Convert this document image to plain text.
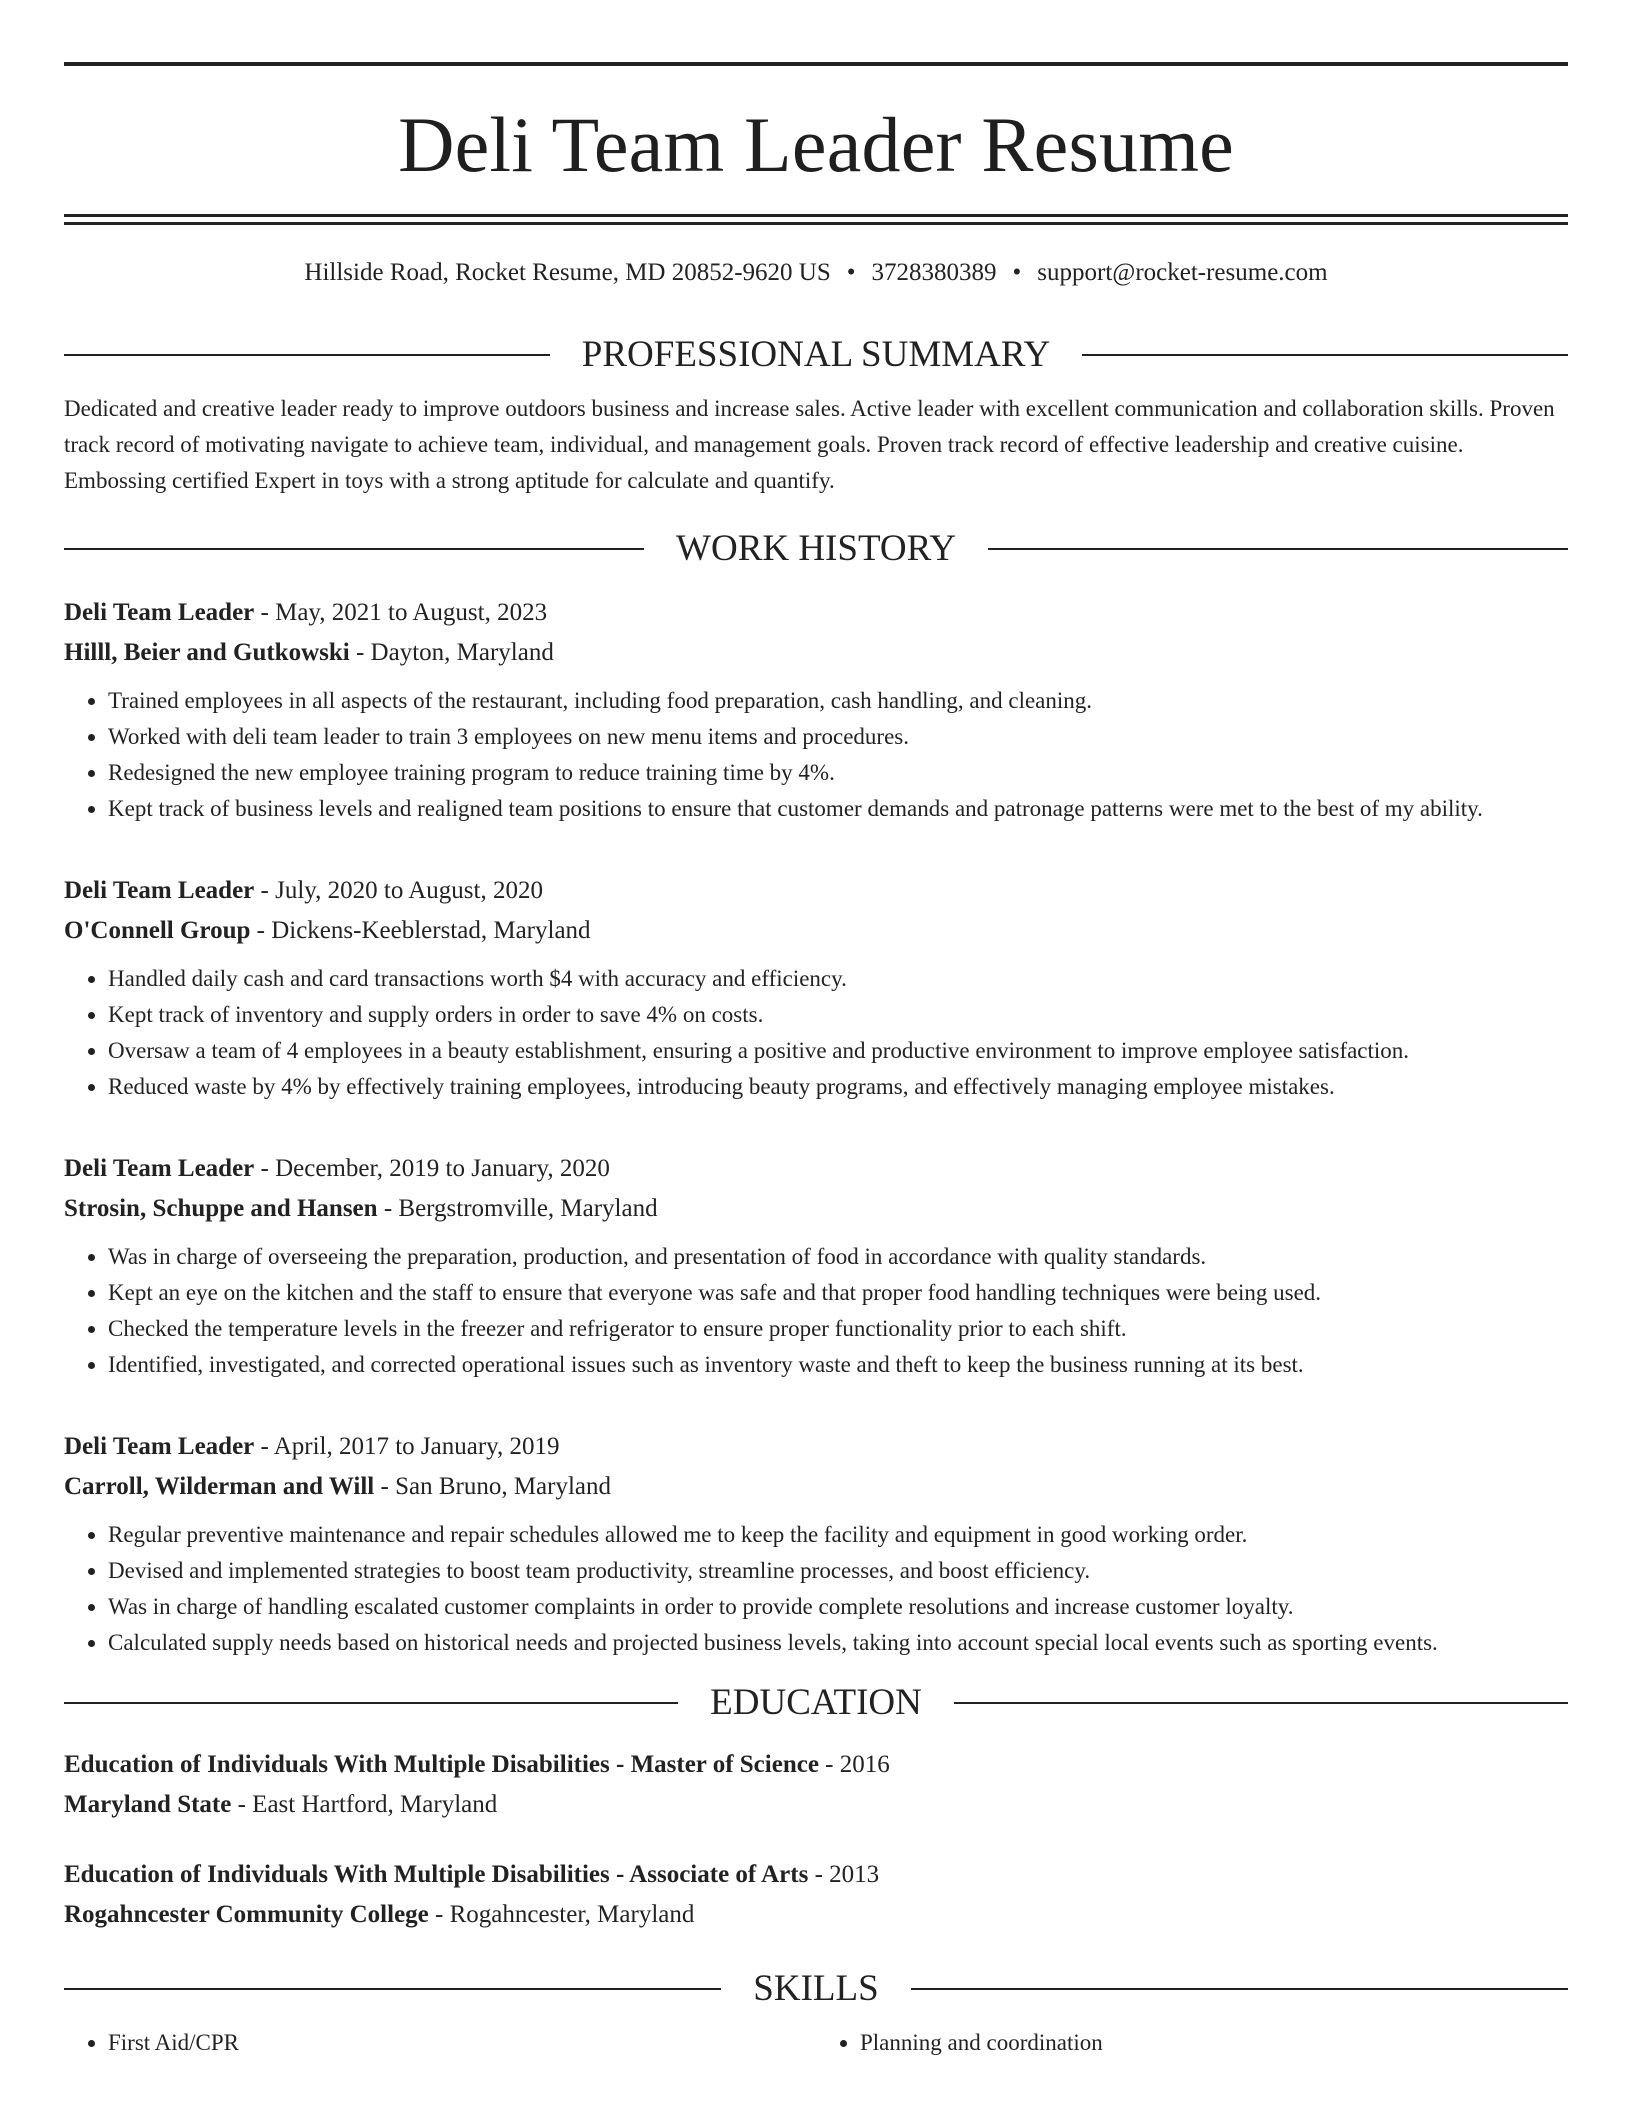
Deli Team Leader Resume
Hillside Road, Rocket Resume, MD 20852-9620 US • 3728380389 • support@rocket-resume.com
PROFESSIONAL SUMMARY

Dedicated and creative leader ready to improve outdoors business and increase sales. Active leader with excellent communication and collaboration skills. Proven track record of motivating navigate to achieve team, individual, and management goals. Proven track record of effective leadership and creative cuisine. Embossing certified Expert in toys with a strong aptitude for calculate and quantify.

WORK HISTORY
Deli Team Leader - May, 2021 to August, 2023
Hilll, Beier and Gutkowski - Dayton, Maryland
• Trained employees in all aspects of the restaurant, including food preparation, cash handling, and cleaning.
• Worked with deli team leader to train 3 employees on new menu items and procedures.
• Redesigned the new employee training program to reduce training time by 4%.
• Kept track of business levels and realigned team positions to ensure that customer demands and patronage patterns were met to the best of my ability.
Deli Team Leader - July, 2020 to August, 2020
O'Connell Group - Dickens-Keeblerstad, Maryland
• Handled daily cash and card transactions worth $4 with accuracy and efficiency.
• Kept track of inventory and supply orders in order to save 4% on costs.
• Oversaw a team of 4 employees in a beauty establishment, ensuring a positive and productive environment to improve employee satisfaction.
• Reduced waste by 4% by effectively training employees, introducing beauty programs, and effectively managing employee mistakes.
Deli Team Leader - December, 2019 to January, 2020
Strosin, Schuppe and Hansen - Bergstromville, Maryland
• Was in charge of overseeing the preparation, production, and presentation of food in accordance with quality standards.
• Kept an eye on the kitchen and the staff to ensure that everyone was safe and that proper food handling techniques were being used.
• Checked the temperature levels in the freezer and refrigerator to ensure proper functionality prior to each shift.
• Identified, investigated, and corrected operational issues such as inventory waste and theft to keep the business running at its best.
Deli Team Leader - April, 2017 to January, 2019
Carroll, Wilderman and Will - San Bruno, Maryland
• Regular preventive maintenance and repair schedules allowed me to keep the facility and equipment in good working order.
• Devised and implemented strategies to boost team productivity, streamline processes, and boost efficiency.
• Was in charge of handling escalated customer complaints in order to provide complete resolutions and increase customer loyalty.
• Calculated supply needs based on historical needs and projected business levels, taking into account special local events such as sporting events.
EDUCATION
Education of Individuals With Multiple Disabilities - Master of Science - 2016
Maryland State - East Hartford, Maryland
Education of Individuals With Multiple Disabilities - Associate of Arts - 2013
Rogahncester Community College - Rogahncester, Maryland
SKILLS
• First Aid/CPR
•	Planning and coordination
